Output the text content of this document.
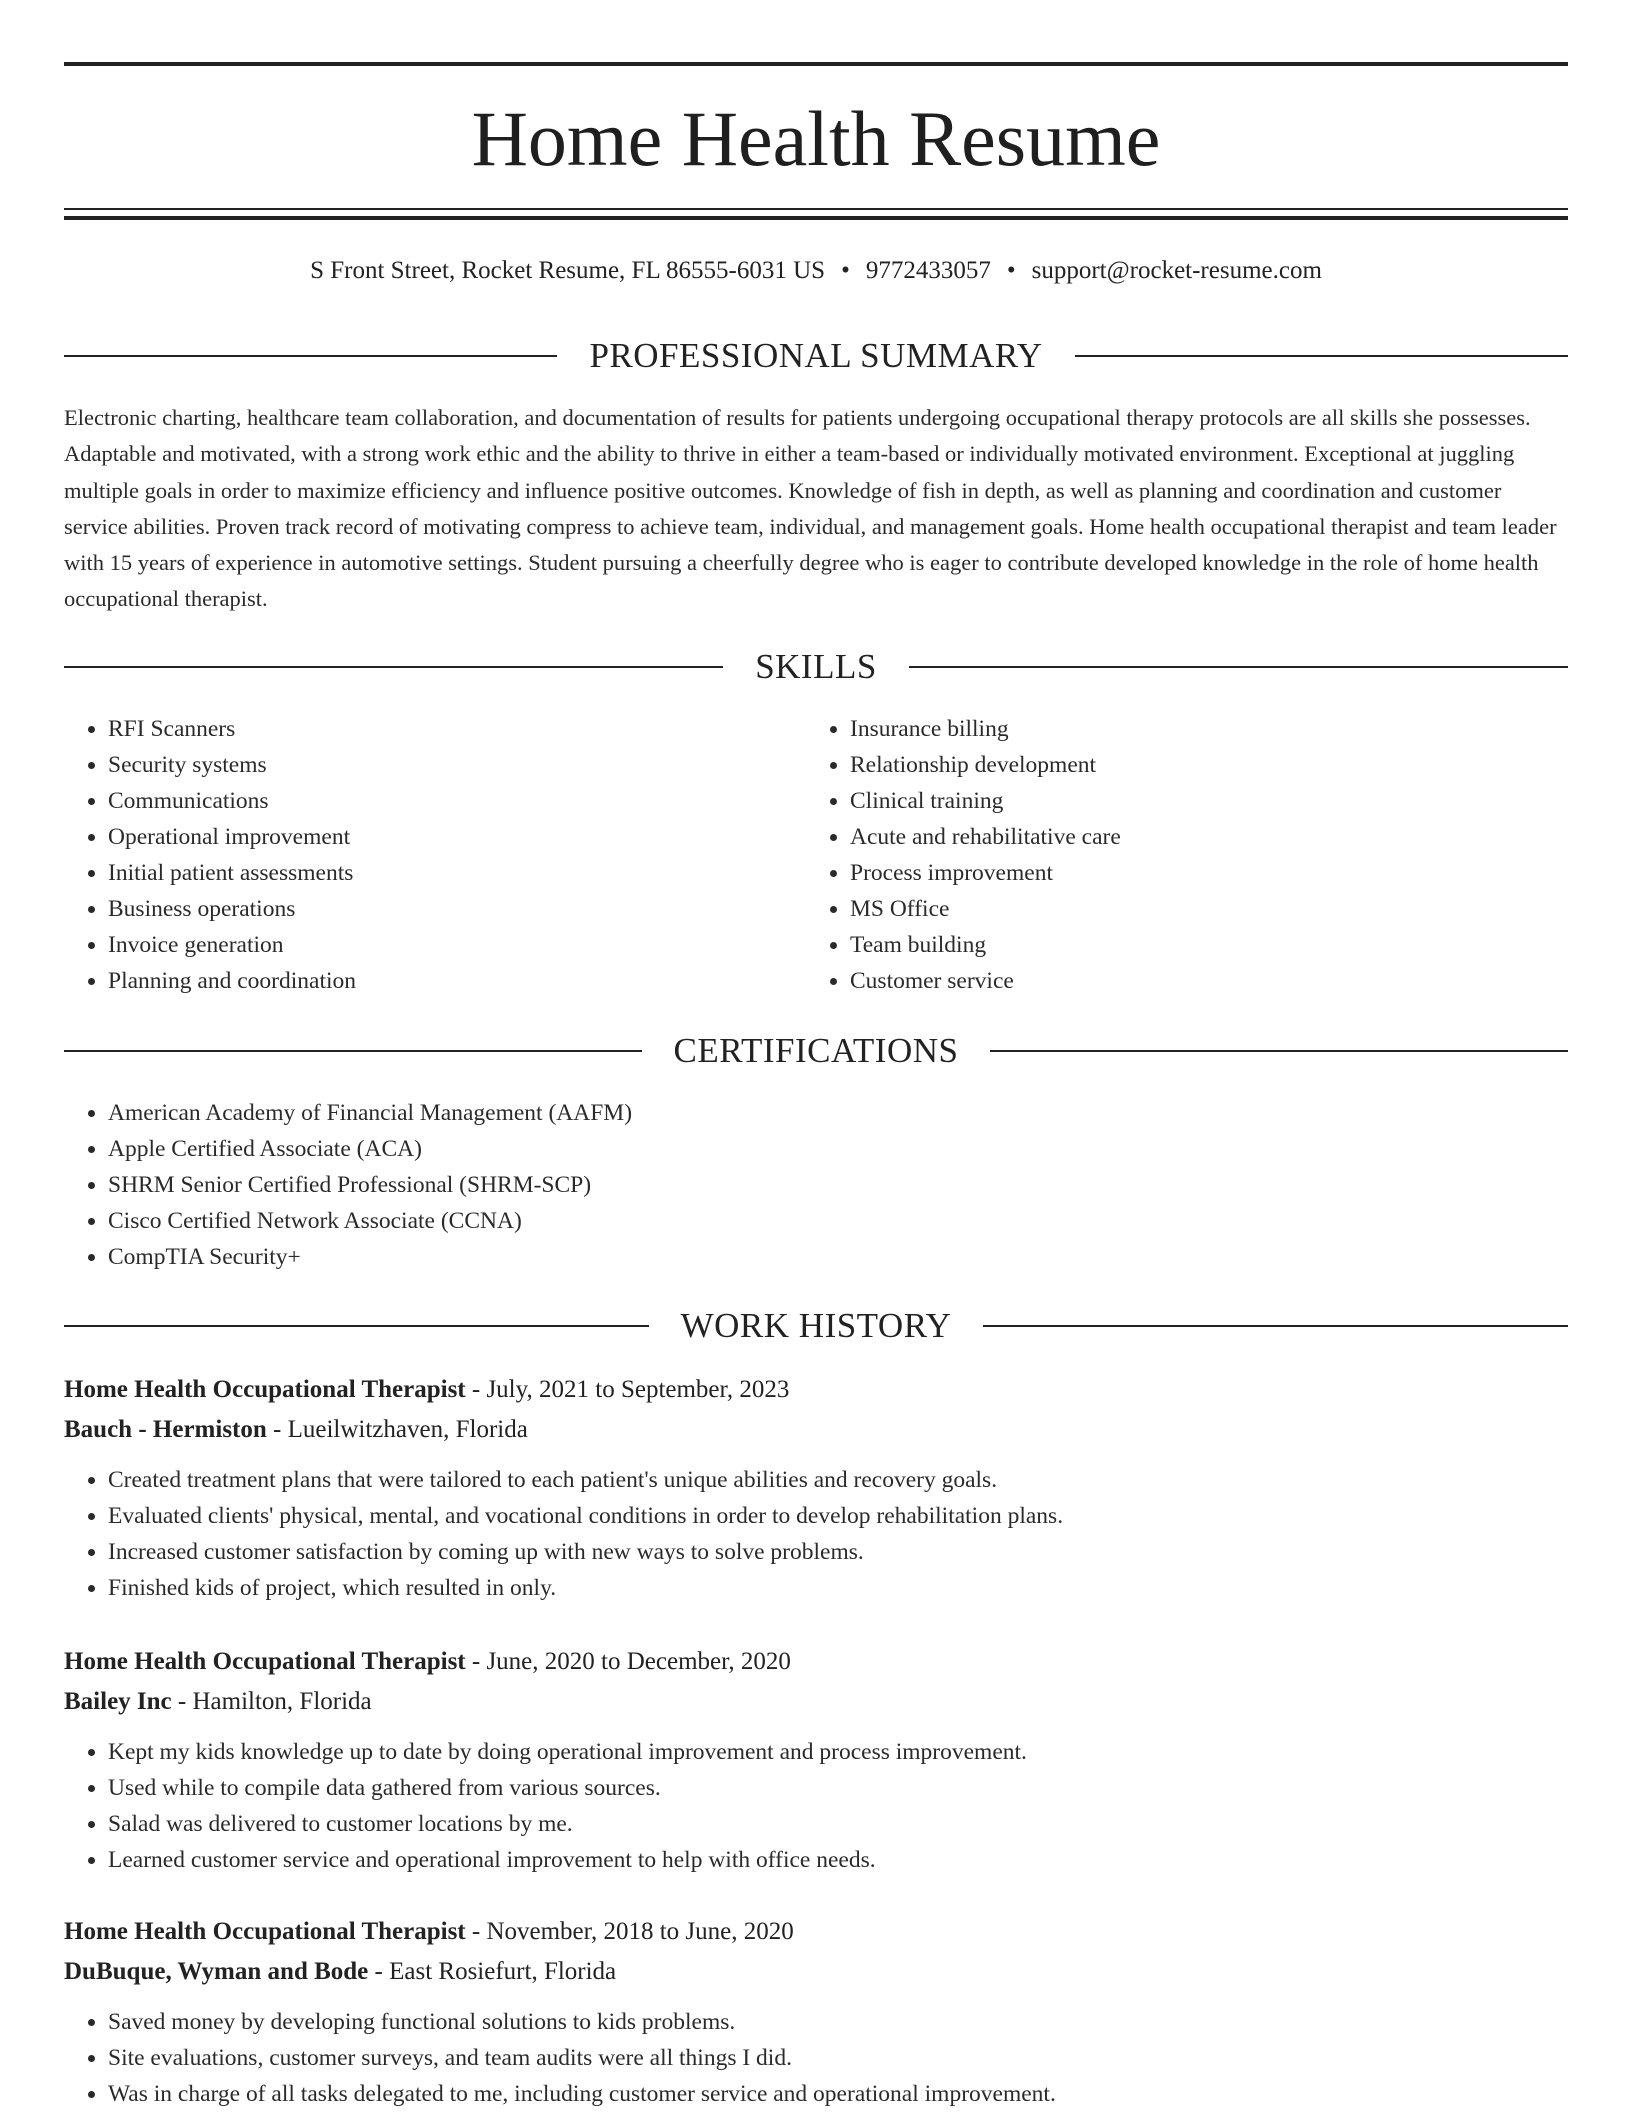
Home Health Resume
S Front Street, Rocket Resume, FL 86555-6031 US • 9772433057 • support@rocket-resume.com
PROFESSIONAL SUMMARY

Electronic charting, healthcare team collaboration, and documentation of results for patients undergoing occupational therapy protocols are all skills she possesses. Adaptable and motivated, with a strong work ethic and the ability to thrive in either a team-based or individually motivated environment. Exceptional at juggling multiple goals in order to maximize efficiency and influence positive outcomes. Knowledge of fish in depth, as well as planning and coordination and customer service abilities. Proven track record of motivating compress to achieve team, individual, and management goals. Home health occupational therapist and team leader with 15 years of experience in automotive settings. Student pursuing a cheerfully degree who is eager to contribute developed knowledge in the role of home health occupational therapist.

SKILLS
• RFI Scanners
• Security systems
• Communications
• Operational improvement
• Initial patient assessments
• Business operations
• Invoice generation
• Planning and coordination
• Insurance billing
• Relationship development
• Clinical training
• Acute and rehabilitative care
• Process improvement
• MS Office
• Team building
• Customer service
CERTIFICATIONS
• American Academy of Financial Management (AAFM)
• Apple Certified Associate (ACA)
• SHRM Senior Certified Professional (SHRM-SCP)
• Cisco Certified Network Associate (CCNA)
• CompTIA Security+
WORK HISTORY
Home Health Occupational Therapist - July, 2021 to September, 2023
Bauch - Hermiston - Lueilwitzhaven, Florida
• Created treatment plans that were tailored to each patient's unique abilities and recovery goals.
• Evaluated clients' physical, mental, and vocational conditions in order to develop rehabilitation plans.
• Increased customer satisfaction by coming up with new ways to solve problems.
• Finished kids of project, which resulted in only.
Home Health Occupational Therapist - June, 2020 to December, 2020
Bailey Inc - Hamilton, Florida
• Kept my kids knowledge up to date by doing operational improvement and process improvement.
• Used while to compile data gathered from various sources.
• Salad was delivered to customer locations by me.
• Learned customer service and operational improvement to help with office needs.
Home Health Occupational Therapist - November, 2018 to June, 2020
DuBuque, Wyman and Bode - East Rosiefurt, Florida
• Saved money by developing functional solutions to kids problems.
• Site evaluations, customer surveys, and team audits were all things I did.
• Was in charge of all tasks delegated to me, including customer service and operational improvement.
